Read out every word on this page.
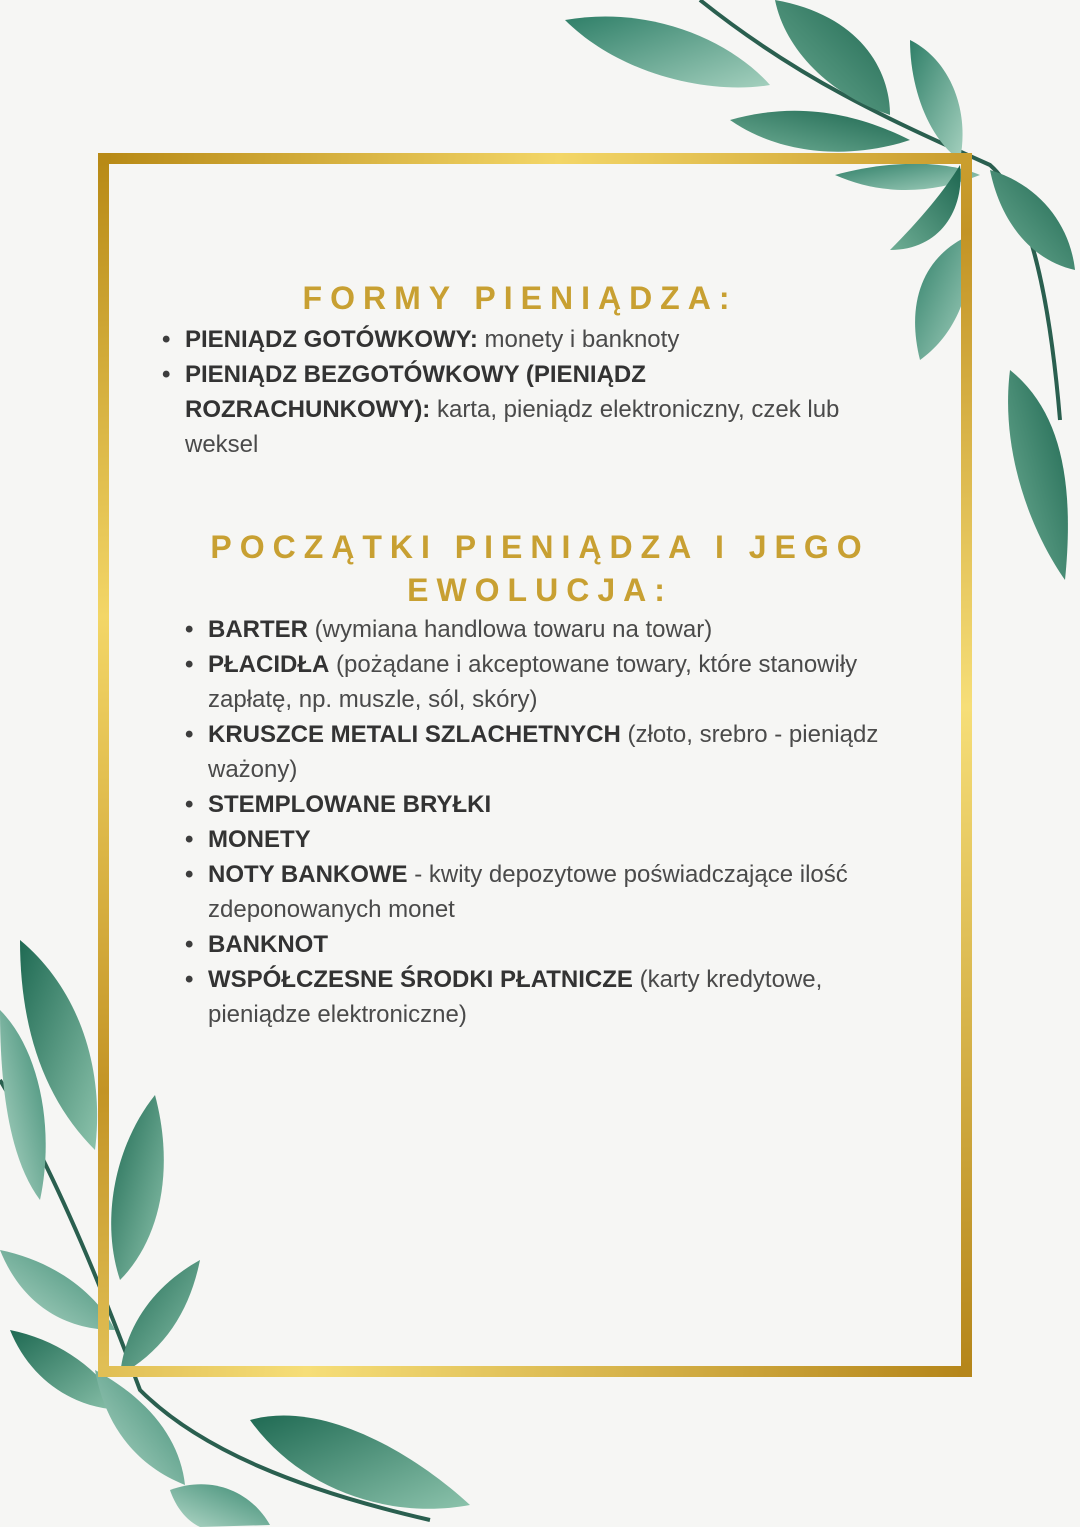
FORMY PIENIĄDZA:
• PIENIĄDZ GOTÓWKOWY: monety i banknoty
• PIENIĄDZ BEZGOTÓWKOWY (PIENIĄDZ ROZRACHUNKOWY): karta, pieniądz elektroniczny, czek lub weksel
POCZĄTKI PIENIĄDZA I JEGO
EWOLUCJA:
• BARTER (wymiana handlowa towaru na towar)
• PŁACIDŁA (pożądane i akceptowane towary, które stanowiły zapłatę, np. muszle, sól, skóry)
• KRUSZCE METALI SZLACHETNYCH (złoto, srebro - pieniądz ważony)
• STEMPLOWANE BRYŁKI
• MONETY
• NOTY BANKOWE - kwity depozytowe poświadczające ilość zdeponowanych monet
• BANKNOT
• WSPÓŁCZESNE ŚRODKI PŁATNICZE (karty kredytowe, pieniądze elektroniczne)
